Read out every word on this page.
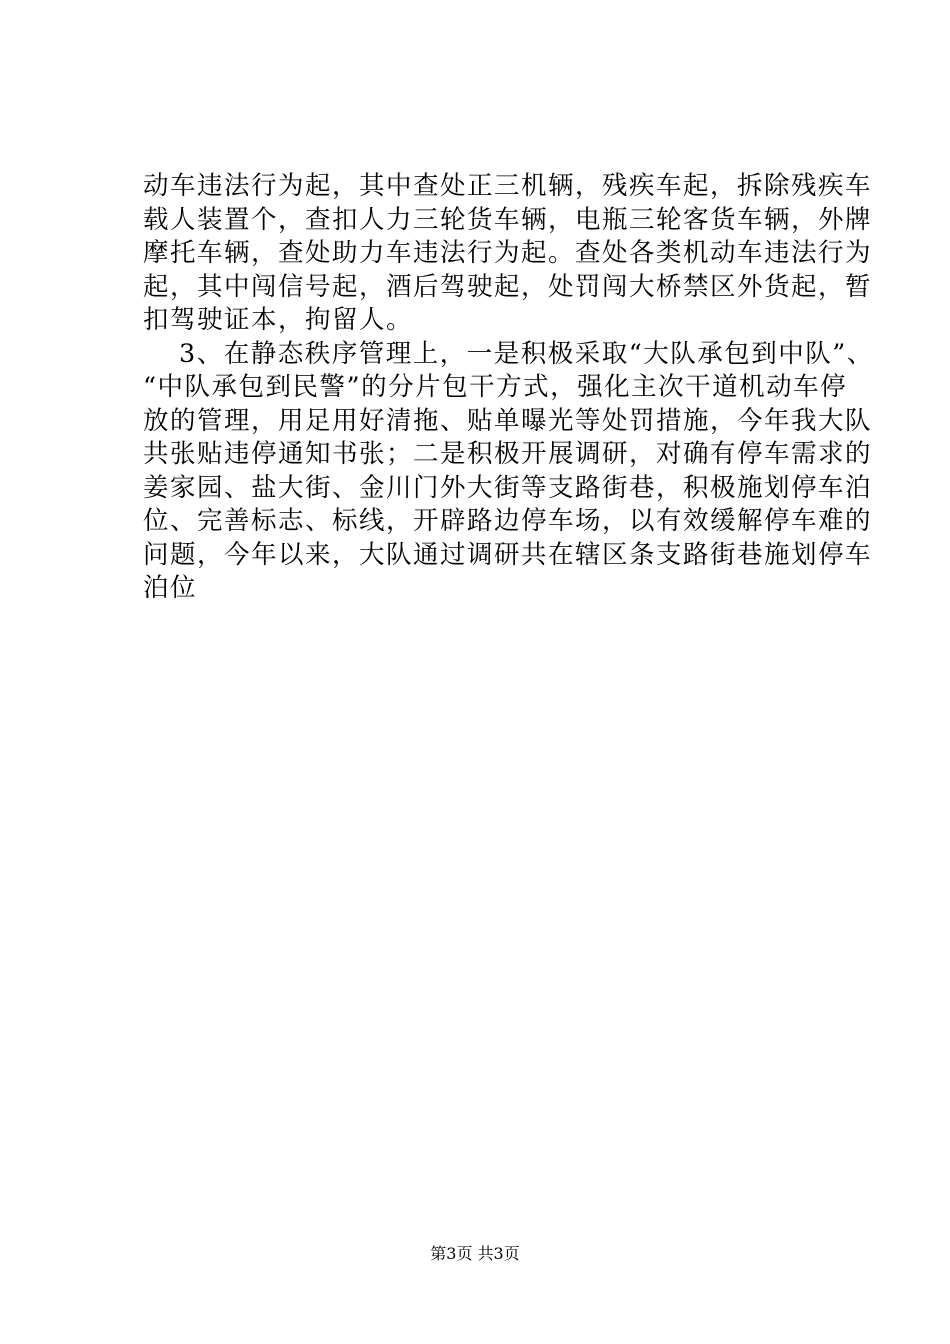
动车违法行为起，其中查处正三机辆，残疾车起，拆除残疾车
载人装置个，查扣人力三轮货车辆，电瓶三轮客货车辆，外牌
摩托车辆，查处助力车违法行为起。查处各类机动车违法行为
起，其中闯信号起，酒后驾驶起，处罚闯大桥禁区外货起，暂
扣驾驶证本，拘留人。
3、在静态秩序管理上，一是积极采取“大队承包到中队”、
“中队承包到民警”的分片包干方式，强化主次干道机动车停
放的管理，用足用好清拖、贴单曝光等处罚措施，今年我大队
共张贴违停通知书张；二是积极开展调研，对确有停车需求的
姜家园、盐大街、金川门外大街等支路街巷，积极施划停车泊
位、完善标志、标线，开辟路边停车场，以有效缓解停车难的
问题，今年以来，大队通过调研共在辖区条支路街巷施划停车
泊位
第3页 共3页
